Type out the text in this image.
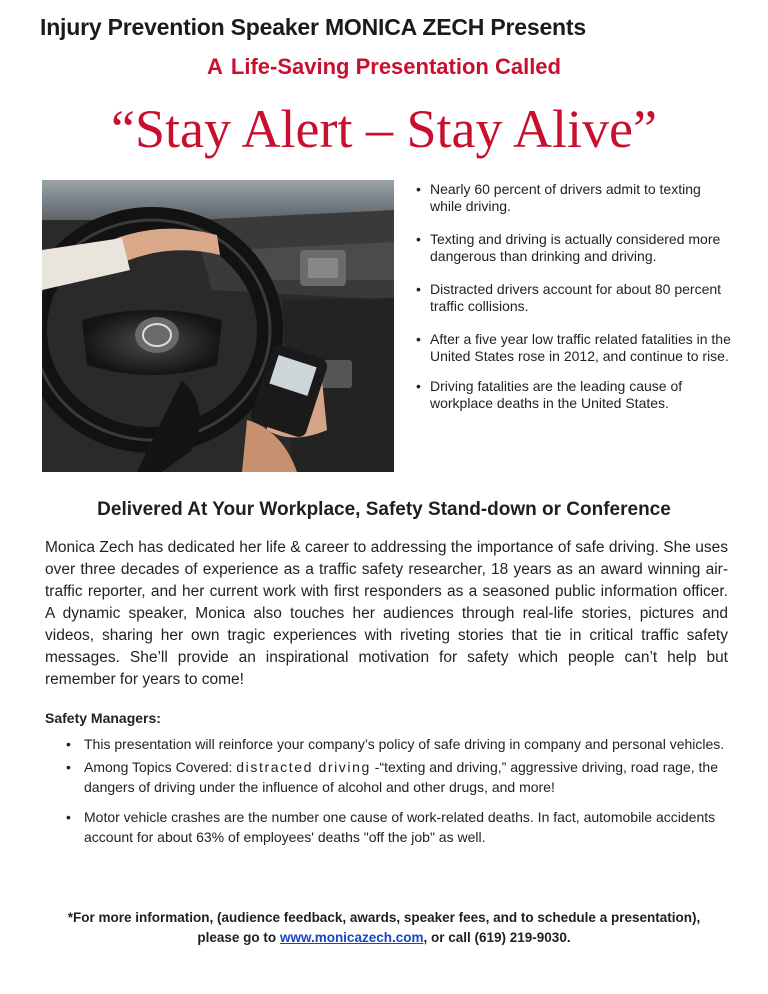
Injury Prevention Speaker MONICA ZECH Presents
A Life-Saving Presentation Called
“Stay Alert – Stay Alive”
• Nearly 60 percent of drivers admit to texting while driving.
• Texting and driving is actually considered more dangerous than drinking and driving.
• Distracted drivers account for about 80 percent traffic collisions.
• After a five year low traffic related fatalities in the United States rose in 2012, and continue to rise.
• Driving fatalities are the leading cause of workplace deaths in the United States.
Delivered At Your Workplace, Safety Stand-down or Conference
Monica Zech has dedicated her life & career to addressing the importance of safe driving. She uses over three decades of experience as a traffic safety researcher, 18 years as an award winning air-traffic reporter, and her current work with first responders as a seasoned public information officer. A dynamic speaker, Monica also touches her audiences through real-life stories, pictures and videos, sharing her own tragic experiences with riveting stories that tie in critical traffic safety messages. She’ll provide an inspirational motivation for safety which people can’t help but remember for years to come!
Safety Managers:
• This presentation will reinforce your company’s policy of safe driving in company and personal vehicles.
• Among Topics Covered: distracted driving -“texting and driving,” aggressive driving, road rage, the dangers of driving under the influence of alcohol and other drugs, and more!
• Motor vehicle crashes are the number one cause of work-related deaths. In fact, automobile accidents account for about 63% of employees' deaths "off the job" as well.
*For more information, (audience feedback, awards, speaker fees, and to schedule a presentation),
please go to www.monicazech.com, or call (619) 219-9030.
